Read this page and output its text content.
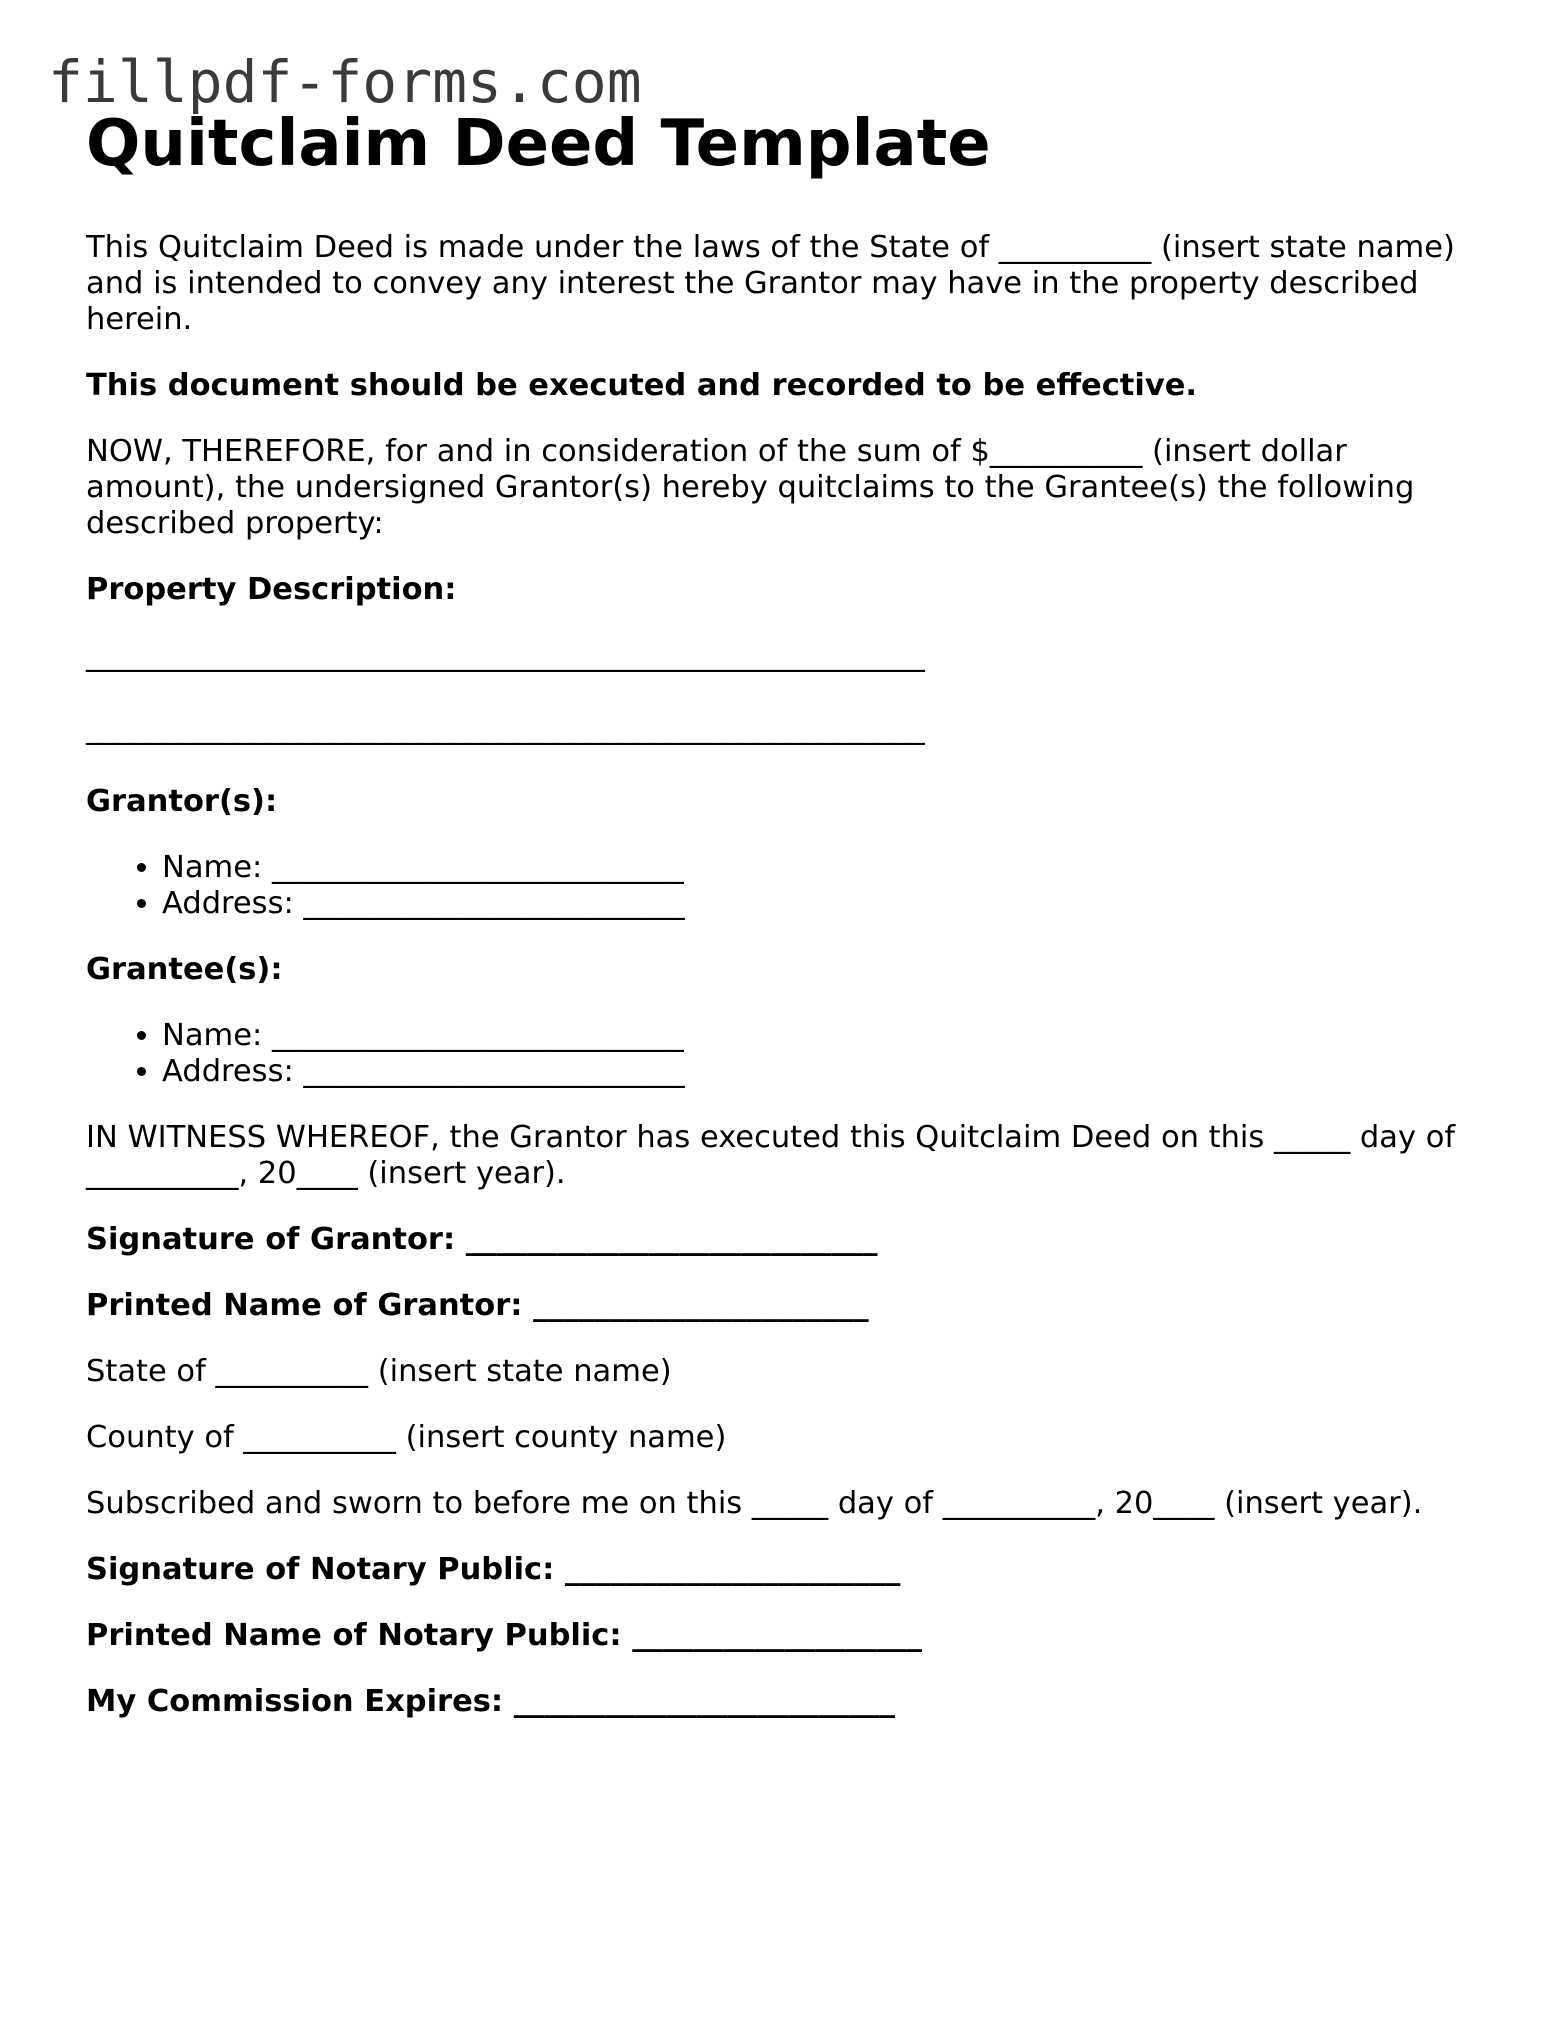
fillpdf-forms.com
Quitclaim Deed Template

This Quitclaim Deed is made under the laws of the State of __________ (insert state name) and is intended to convey any interest the Grantor may have in the property described herein.

This document should be executed and recorded to be effective.

NOW, THEREFORE, for and in consideration of the sum of $__________ (insert dollar amount), the undersigned Grantor(s) hereby quitclaims to the Grantee(s) the following described property:

Property Description:

_______________________________________________________
_______________________________________________________

Grantor(s):

• Name: ___________________________
• Address: _________________________

Grantee(s):

• Name: ___________________________
• Address: _________________________

IN WITNESS WHEREOF, the Grantor has executed this Quitclaim Deed on this _____ day of __________, 20____ (insert year).

Signature of Grantor: ___________________________

Printed Name of Grantor: ______________________

State of __________ (insert state name)

County of __________ (insert county name)

Subscribed and sworn to before me on this _____ day of __________, 20____ (insert year).

Signature of Notary Public: ______________________

Printed Name of Notary Public: ___________________

My Commission Expires: _________________________
